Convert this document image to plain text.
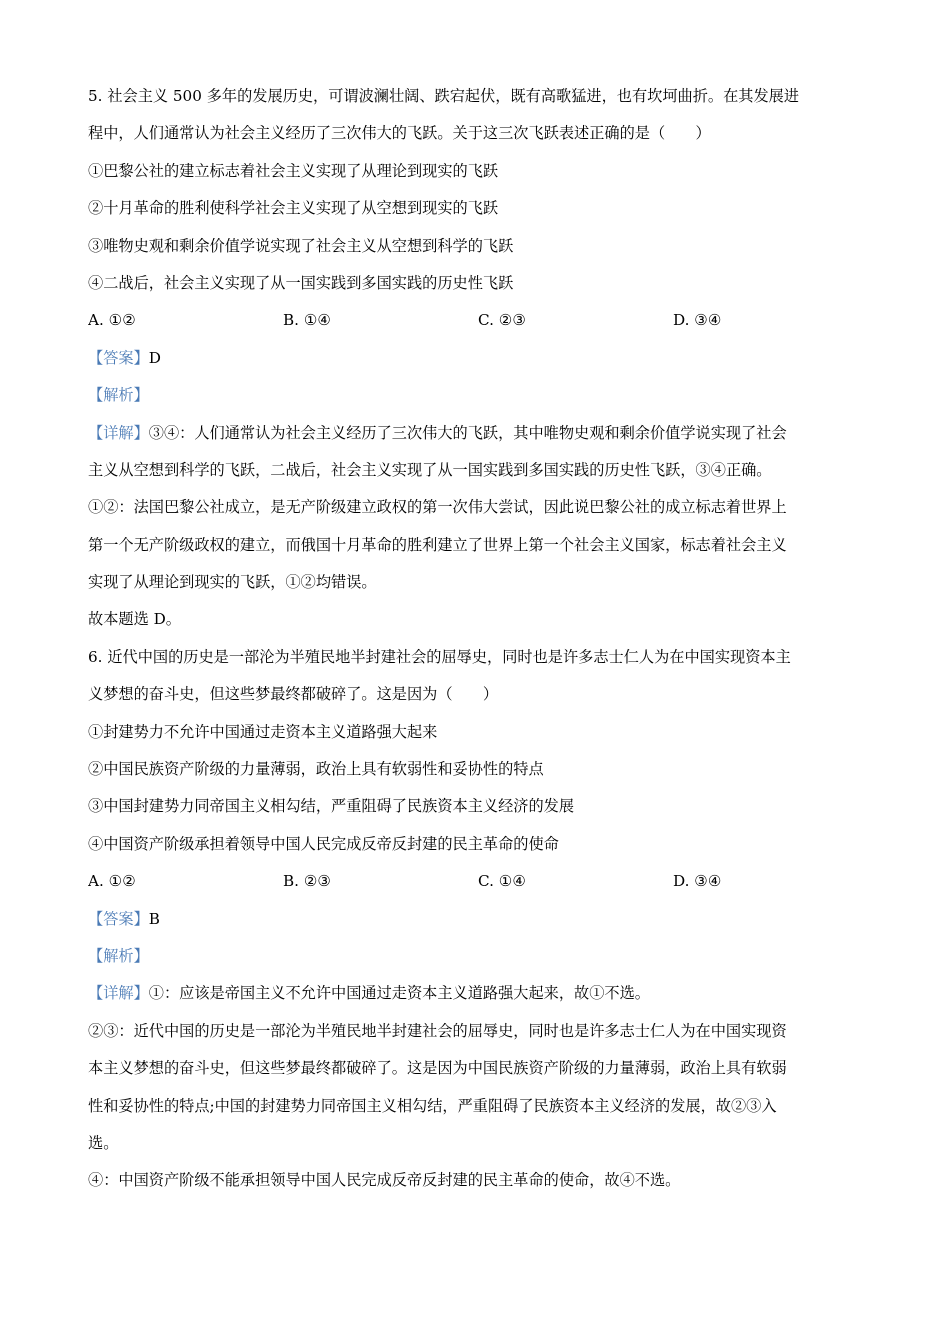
5. 社会主义 500 多年的发展历史，可谓波澜壮阔、跌宕起伏，既有高歌猛进，也有坎坷曲折。在其发展进
程中，人们通常认为社会主义经历了三次伟大的飞跃。关于这三次飞跃表述正确的是（　　）
①巴黎公社的建立标志着社会主义实现了从理论到现实的飞跃
②十月革命的胜利使科学社会主义实现了从空想到现实的飞跃
③唯物史观和剩余价值学说实现了社会主义从空想到科学的飞跃
④二战后，社会主义实现了从一国实践到多国实践的历史性飞跃
A. ①②	B. ①④	C. ②③	D. ③④
【答案】D
【解析】
【详解】③④：人们通常认为社会主义经历了三次伟大的飞跃，其中唯物史观和剩余价值学说实现了社会
主义从空想到科学的飞跃，二战后，社会主义实现了从一国实践到多国实践的历史性飞跃，③④正确。
①②：法国巴黎公社成立，是无产阶级建立政权的第一次伟大尝试，因此说巴黎公社的成立标志着世界上
第一个无产阶级政权的建立，而俄国十月革命的胜利建立了世界上第一个社会主义国家，标志着社会主义
实现了从理论到现实的飞跃，①②均错误。
故本题选 D。
6. 近代中国的历史是一部沦为半殖民地半封建社会的屈辱史，同时也是许多志士仁人为在中国实现资本主
义梦想的奋斗史，但这些梦最终都破碎了。这是因为（　　）
①封建势力不允许中国通过走资本主义道路强大起来
②中国民族资产阶级的力量薄弱，政治上具有软弱性和妥协性的特点
③中国封建势力同帝国主义相勾结，严重阻碍了民族资本主义经济的发展
④中国资产阶级承担着领导中国人民完成反帝反封建的民主革命的使命
A. ①②	B. ②③	C. ①④	D. ③④
【答案】B
【解析】
【详解】①：应该是帝国主义不允许中国通过走资本主义道路强大起来，故①不选。
②③：近代中国的历史是一部沦为半殖民地半封建社会的屈辱史，同时也是许多志士仁人为在中国实现资
本主义梦想的奋斗史，但这些梦最终都破碎了。这是因为中国民族资产阶级的力量薄弱，政治上具有软弱
性和妥协性的特点;中国的封建势力同帝国主义相勾结，严重阻碍了民族资本主义经济的发展，故②③入
选。
④：中国资产阶级不能承担领导中国人民完成反帝反封建的民主革命的使命，故④不选。
